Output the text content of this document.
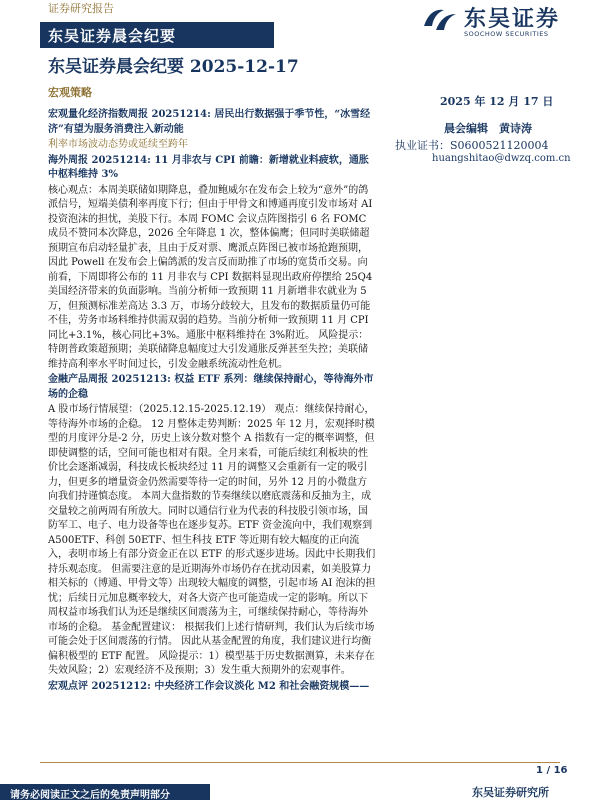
证券研究报告	东吴证券
SOOCHOW SECURITIES
东吴证券晨会纪要
东吴证券晨会纪要 2025-12-17
宏观策略
2025 年 12 月 17 日
晨会编辑　黄诗涛
执业证书：S0600521120004
huangshitao@dwzq.com.cn

宏观量化经济指数周报 20251214: 居民出行数据强于季节性，“冰雪经济”有望为服务消费注入新动能

利率市场波动态势或延续至跨年

海外周报 20251214: 11 月非农与 CPI 前瞻：新增就业料疲软，通胀中枢料维持 3%

核心观点：本周美联储如期降息，叠加鲍威尔在发布会上较为“意外”的鸽派信号，短端美债利率再度下行；但由于甲骨文和博通再度引发市场对 AI 投资泡沫的担忧，美股下行。本周 FOMC 会议点阵图指引 6 名 FOMC 成员不赞同本次降息，2026 全年降息 1 次，整体偏鹰；但同时美联储超预期宣布启动轻量扩表，且由于反对票、鹰派点阵图已被市场抢跑预期，因此 Powell 在发布会上偏鸽派的发言反而助推了市场的宽货币交易。向前看，下周即将公布的 11 月非农与 CPI 数据料显现出政府停摆给 25Q4 美国经济带来的负面影响。当前分析师一致预期 11 月新增非农就业为 5 万，但预测标准差高达 3.3 万，市场分歧较大，且发布的数据质量仍可能不佳，劳务市场料维持供需双弱的趋势。当前分析师一致预期 11 月 CPI 同比+3.1%，核心同比+3%。通胀中枢料维持在 3%附近。 风险提示：特朗普政策超预期；美联储降息幅度过大引发通胀反弹甚至失控；美联储维持高利率水平时间过长，引发金融系统流动性危机。

金融产品周报 20251213: 权益 ETF 系列：继续保持耐心，等待海外市场的企稳

A 股市场行情展望：（2025.12.15-2025.12.19） 观点：继续保持耐心，等待海外市场的企稳。 12 月整体走势判断：2025 年 12 月，宏观择时模型的月度评分是-2 分，历史上该分数对整个 A 指数有一定的概率调整，但即使调整的话，空间可能也相对有限。全月来看，可能后续红利板块的性价比会逐渐减弱，科技成长板块经过 11 月的调整又会重新有一定的吸引力，但更多的增量资金仍然需要等待一定的时间，另外 12 月的小微盘方向我们持谨慎态度。 本周大盘指数的节奏继续以磨底震荡和反抽为主，成交量较之前两周有所放大。同时以通信行业为代表的科技股引领市场，国防军工、电子、电力设备等也在逐步复苏。ETF 资金流向中，我们观察到 A500ETF、科创 50ETF、恒生科技 ETF 等近期有较大幅度的正向流入，表明市场上有部分资金正在以 ETF 的形式逐步进场。因此中长期我们持乐观态度。 但需要注意的是近期海外市场仍存在扰动因素，如美股算力相关标的（博通、甲骨文等）出现较大幅度的调整，引起市场 AI 泡沫的担忧；后续日元加息概率较大，对各大资产也可能造成一定的影响。所以下周权益市场我们认为还是继续区间震荡为主，可继续保持耐心，等待海外市场的企稳。 基金配置建议： 根据我们上述行情研判，我们认为后续市场可能会处于区间震荡的行情。 因此从基金配置的角度，我们建议进行均衡偏积极型的 ETF 配置。 风险提示：1）模型基于历史数据测算，未来存在失效风险；2）宏观经济不及预期；3）发生重大预期外的宏观事件。

宏观点评 20251212: 中央经济工作会议淡化 M2 和社会融资规模——

1 / 16
请务必阅读正文之后的免责声明部分	东吴证券研究所
